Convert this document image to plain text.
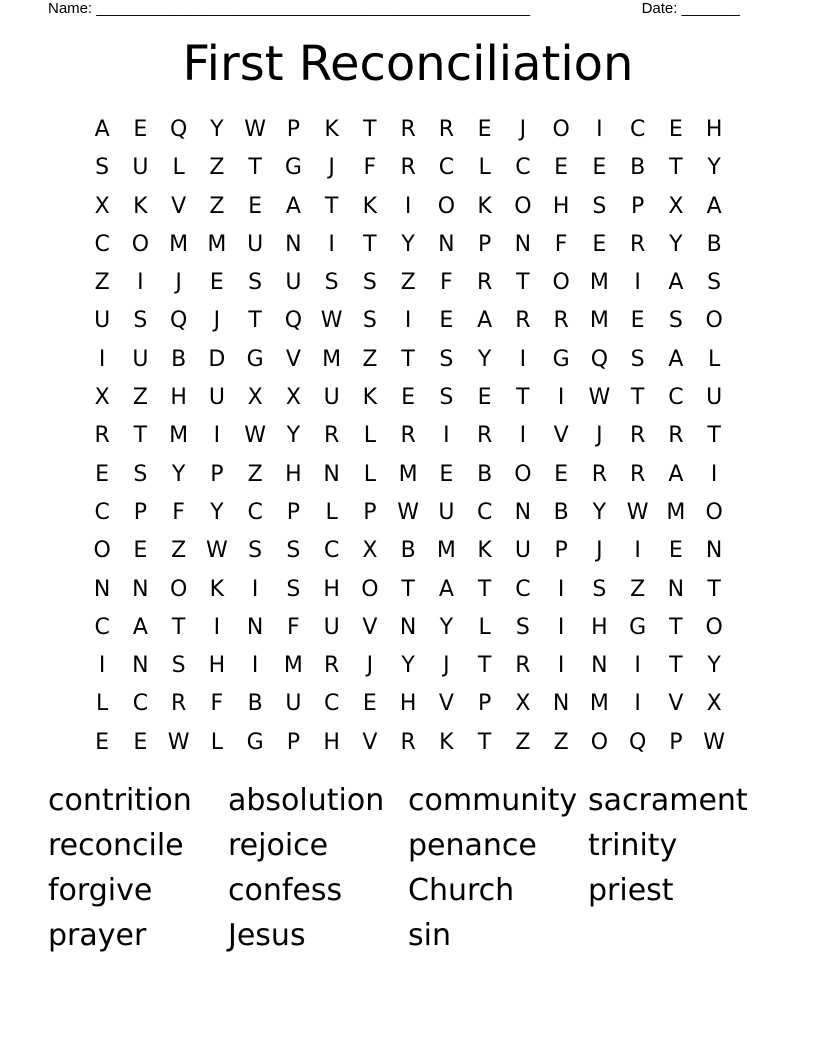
Name: ____________________________________________________	Date: _______
First Reconciliation
A	E	Q	Y W P	K	T	R	R	E	J	O	I	C	E	H
S	U	L	Z	T	G	J	F	R	C	L	C	E	E	B	T	Y
X	K	V	Z	E	A	T	K	I	O	K	O H	S	P	X	A
C O M M U N	I	T	Y	N	P	N	F	E	R	Y	B
Z	I	J	E	S	U	S	S	Z	F	R	T	O M	I	A	S
U	S	Q	J	T	Q W S	I	E	A	R	R M E	S	O
I	U	B	D G	V M Z	T	S	Y	I	G Q	S	A	L
X	Z	H U	X	X	U	K	E	S	E	T	I	W T	C	U
R	T	M	I	W Y	R	L	R	I	R	I	V	J	R	R	T
E	S	Y	P	Z	H N	L	M E	B	O	E	R	R	A	I
C	P	F	Y	C	P	L	P W U	C	N	B	Y W M O
O	E	Z W S	S	C	X	B M K	U	P	J	I	E	N
N N O	K	I	S	H O	T	A	T	C	I	S	Z	N	T
C	A	T	I	N	F	U	V	N	Y	L	S	I	H G	T	O
I	N	S	H	I	M R	J	Y	J	T	R	I	N	I	T	Y
L	C	R	F	B	U	C	E	H	V	P	X	N M	I	V	X
E	E W L	G	P	H	V	R	K	T	Z	Z	O Q	P W
contrition	absolution community sacrament
reconcile	rejoice	penance	trinity
forgive	confess	Church	priest
prayer	Jesus	sin
